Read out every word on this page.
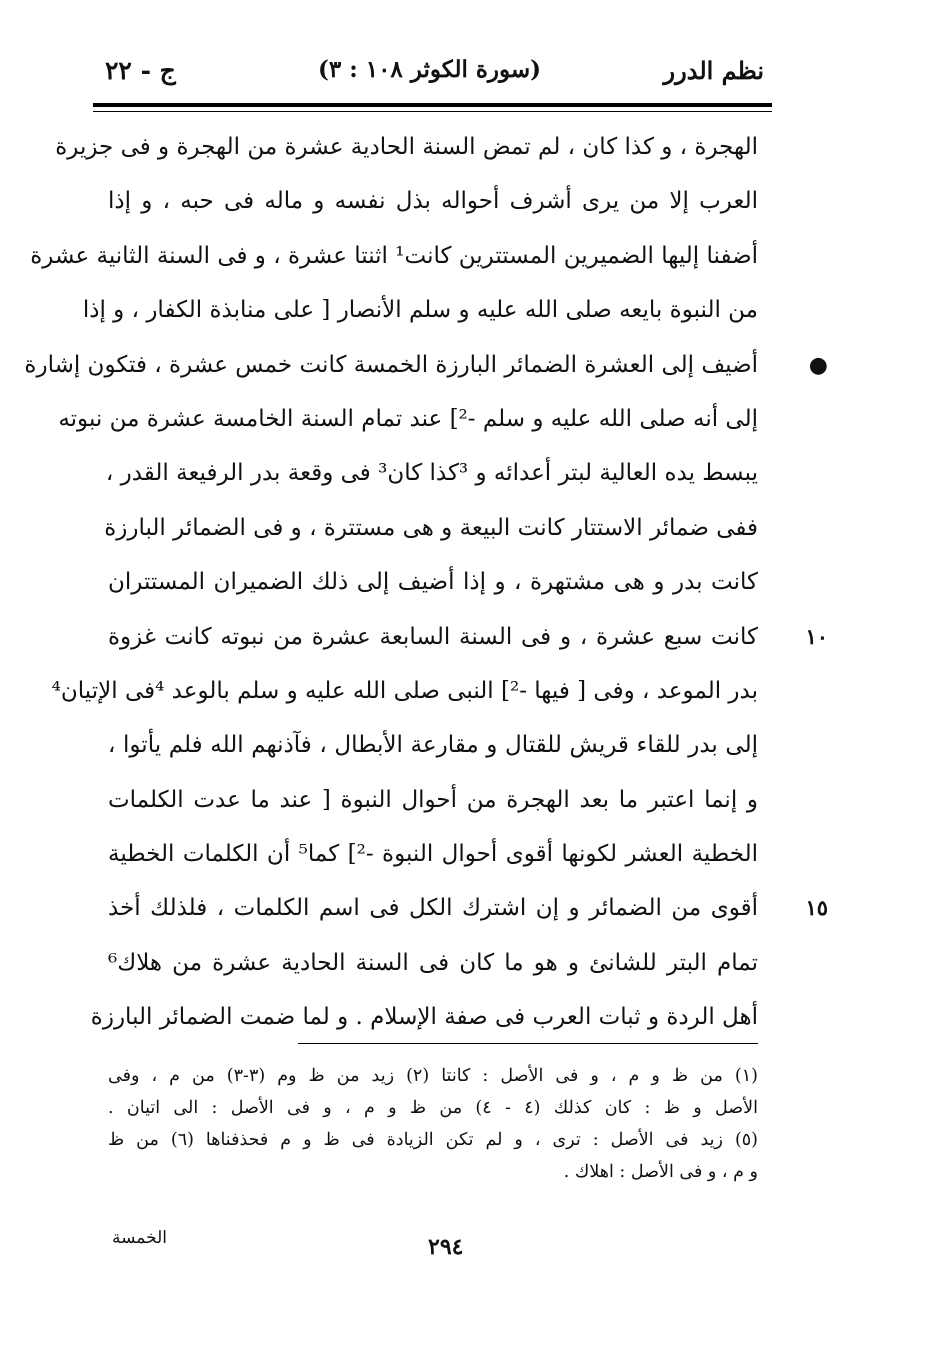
نظم الدرر
(سورة الكوثر ١٠٨ : ٣)
ج - ٢٢
الهجرة ، و كذا كان ، لم تمض السنة الحادية عشرة من الهجرة و فى جزيرة
العرب إلا من يرى أشرف أحواله بذل نفسه و ماله فى حبه ، و إذا
أضفنا إليها الضميرين المستترين كانت¹ اثنتا عشرة ، و فى السنة الثانية عشرة
من النبوة بايعه صلى الله عليه و سلم الأنصار [ على منابذة الكفار ، و إذا
●
أضيف إلى العشرة الضمائر البارزة الخمسة كانت خمس عشرة ، فتكون إشارة
إلى أنه صلى الله عليه و سلم -²] عند تمام السنة الخامسة عشرة من نبوته
يبسط يده العالية لبتر أعدائه و ³كذا كان³ فى وقعة بدر الرفيعة القدر ،
ففى ضمائر الاستتار كانت البيعة و هى مستترة ، و فى الضمائر البارزة
كانت بدر و هى مشتهرة ، و إذا أضيف إلى ذلك الضميران المستتران
١٠
كانت سبع عشرة ، و فى السنة السابعة عشرة من نبوته كانت غزوة
بدر الموعد ، وفى [ فيها -²] النبى صلى الله عليه و سلم بالوعد ⁴فى الإتيان⁴
إلى بدر للقاء قريش للقتال و مقارعة الأبطال ، فآذنهم الله فلم يأتوا ،
و إنما اعتبر ما بعد الهجرة من أحوال النبوة [ عند ما عدت الكلمات
الخطية العشر لكونها أقوى أحوال النبوة -²] كما⁵ أن الكلمات الخطية
١٥
أقوى من الضمائر و إن اشترك الكل فى اسم الكلمات ، فلذلك أخذ
تمام البتر للشانئ و هو ما كان فى السنة الحادية عشرة من هلاك⁶
أهل الردة و ثبات العرب فى صفة الإسلام . و لما ضمت الضمائر البارزة
(١) من ظ و م ، و فى الأصل : كانتا (٢) زيد من ظ وم (٣-٣) من م ، وفى
الأصل و ظ : كان كذلك (٤ - ٤) من ظ و م ، و فى الأصل : الى اتيان .
(٥) زيد فى الأصل : ترى ، و لم تكن الزيادة فى ظ و م فحذفناها (٦) من ظ
و م ، و فى الأصل : اهلاك .
الخمسة	٢٩٤
